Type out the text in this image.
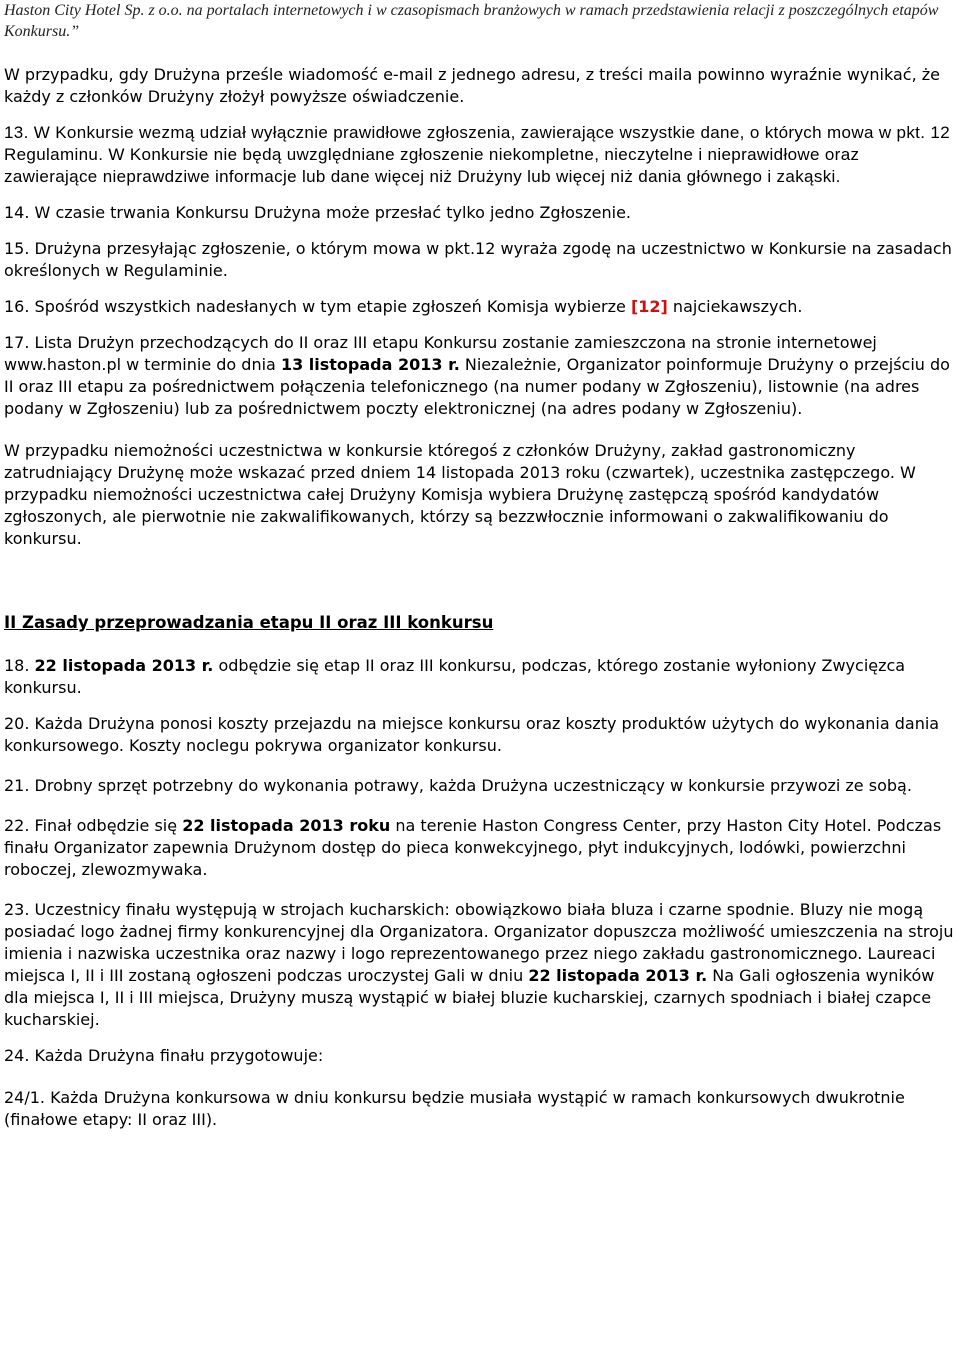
Haston City Hotel Sp. z o.o. na portalach internetowych i w czasopismach branżowych w ramach przedstawienia relacji z poszczególnych etapów Konkursu.”

W przypadku, gdy Drużyna prześle wiadomość e-mail z jednego adresu, z treści maila powinno wyraźnie wynikać, że każdy z członków Drużyny złożył powyższe oświadczenie.

13. W Konkursie wezmą udział wyłącznie prawidłowe zgłoszenia, zawierające wszystkie dane, o których mowa w pkt. 12 Regulaminu. W Konkursie nie będą uwzględniane zgłoszenie niekompletne, nieczytelne i nieprawidłowe oraz zawierające nieprawdziwe informacje lub dane więcej niż Drużyny lub więcej niż dania głównego i zakąski.

14. W czasie trwania Konkursu Drużyna może przesłać tylko jedno Zgłoszenie.

15. Drużyna przesyłając zgłoszenie, o którym mowa w pkt.12 wyraża zgodę na uczestnictwo w Konkursie na zasadach określonych w Regulaminie.

16. Spośród wszystkich nadesłanych w tym etapie zgłoszeń Komisja wybierze [12] najciekawszych.

17. Lista Drużyn przechodzących do II oraz III etapu Konkursu zostanie zamieszczona na stronie internetowej www.haston.pl w terminie do dnia 13 listopada 2013 r. Niezależnie, Organizator poinformuje Drużyny o przejściu do II oraz III etapu za pośrednictwem połączenia telefonicznego (na numer podany w Zgłoszeniu), listownie (na adres podany w Zgłoszeniu) lub za pośrednictwem poczty elektronicznej (na adres podany w Zgłoszeniu).

W przypadku niemożności uczestnictwa w konkursie któregoś z członków Drużyny, zakład gastronomiczny zatrudniający Drużynę może wskazać przed dniem 14 listopada 2013 roku (czwartek), uczestnika zastępczego. W przypadku niemożności uczestnictwa całej Drużyny Komisja wybiera Drużynę zastępczą spośród kandydatów zgłoszonych, ale pierwotnie nie zakwalifikowanych, którzy są bezzwłocznie informowani o zakwalifikowaniu do konkursu.

II Zasady przeprowadzania etapu II oraz III konkursu

18. 22 listopada 2013 r. odbędzie się etap II oraz III konkursu, podczas, którego zostanie wyłoniony Zwycięzca konkursu.

20. Każda Drużyna ponosi koszty przejazdu na miejsce konkursu oraz koszty produktów użytych do wykonania dania konkursowego. Koszty noclegu pokrywa organizator konkursu.

21. Drobny sprzęt potrzebny do wykonania potrawy, każda Drużyna uczestniczący w konkursie przywozi ze sobą.

22. Finał odbędzie się 22 listopada 2013 roku na terenie Haston Congress Center, przy Haston City Hotel. Podczas finału Organizator zapewnia Drużynom dostęp do pieca konwekcyjnego, płyt indukcyjnych, lodówki, powierzchni roboczej, zlewozmywaka.

23. Uczestnicy finału występują w strojach kucharskich: obowiązkowo biała bluza i czarne spodnie. Bluzy nie mogą posiadać logo żadnej firmy konkurencyjnej dla Organizatora. Organizator dopuszcza możliwość umieszczenia na stroju imienia i nazwiska uczestnika oraz nazwy i logo reprezentowanego przez niego zakładu gastronomicznego. Laureaci miejsca I, II i III zostaną ogłoszeni podczas uroczystej Gali w dniu 22 listopada 2013 r. Na Gali ogłoszenia wyników dla miejsca I, II i III miejsca, Drużyny muszą wystąpić w białej bluzie kucharskiej, czarnych spodniach i białej czapce kucharskiej.

24. Każda Drużyna finału przygotowuje:

24/1. Każda Drużyna konkursowa w dniu konkursu będzie musiała wystąpić w ramach konkursowych dwukrotnie (finałowe etapy: II oraz III).
